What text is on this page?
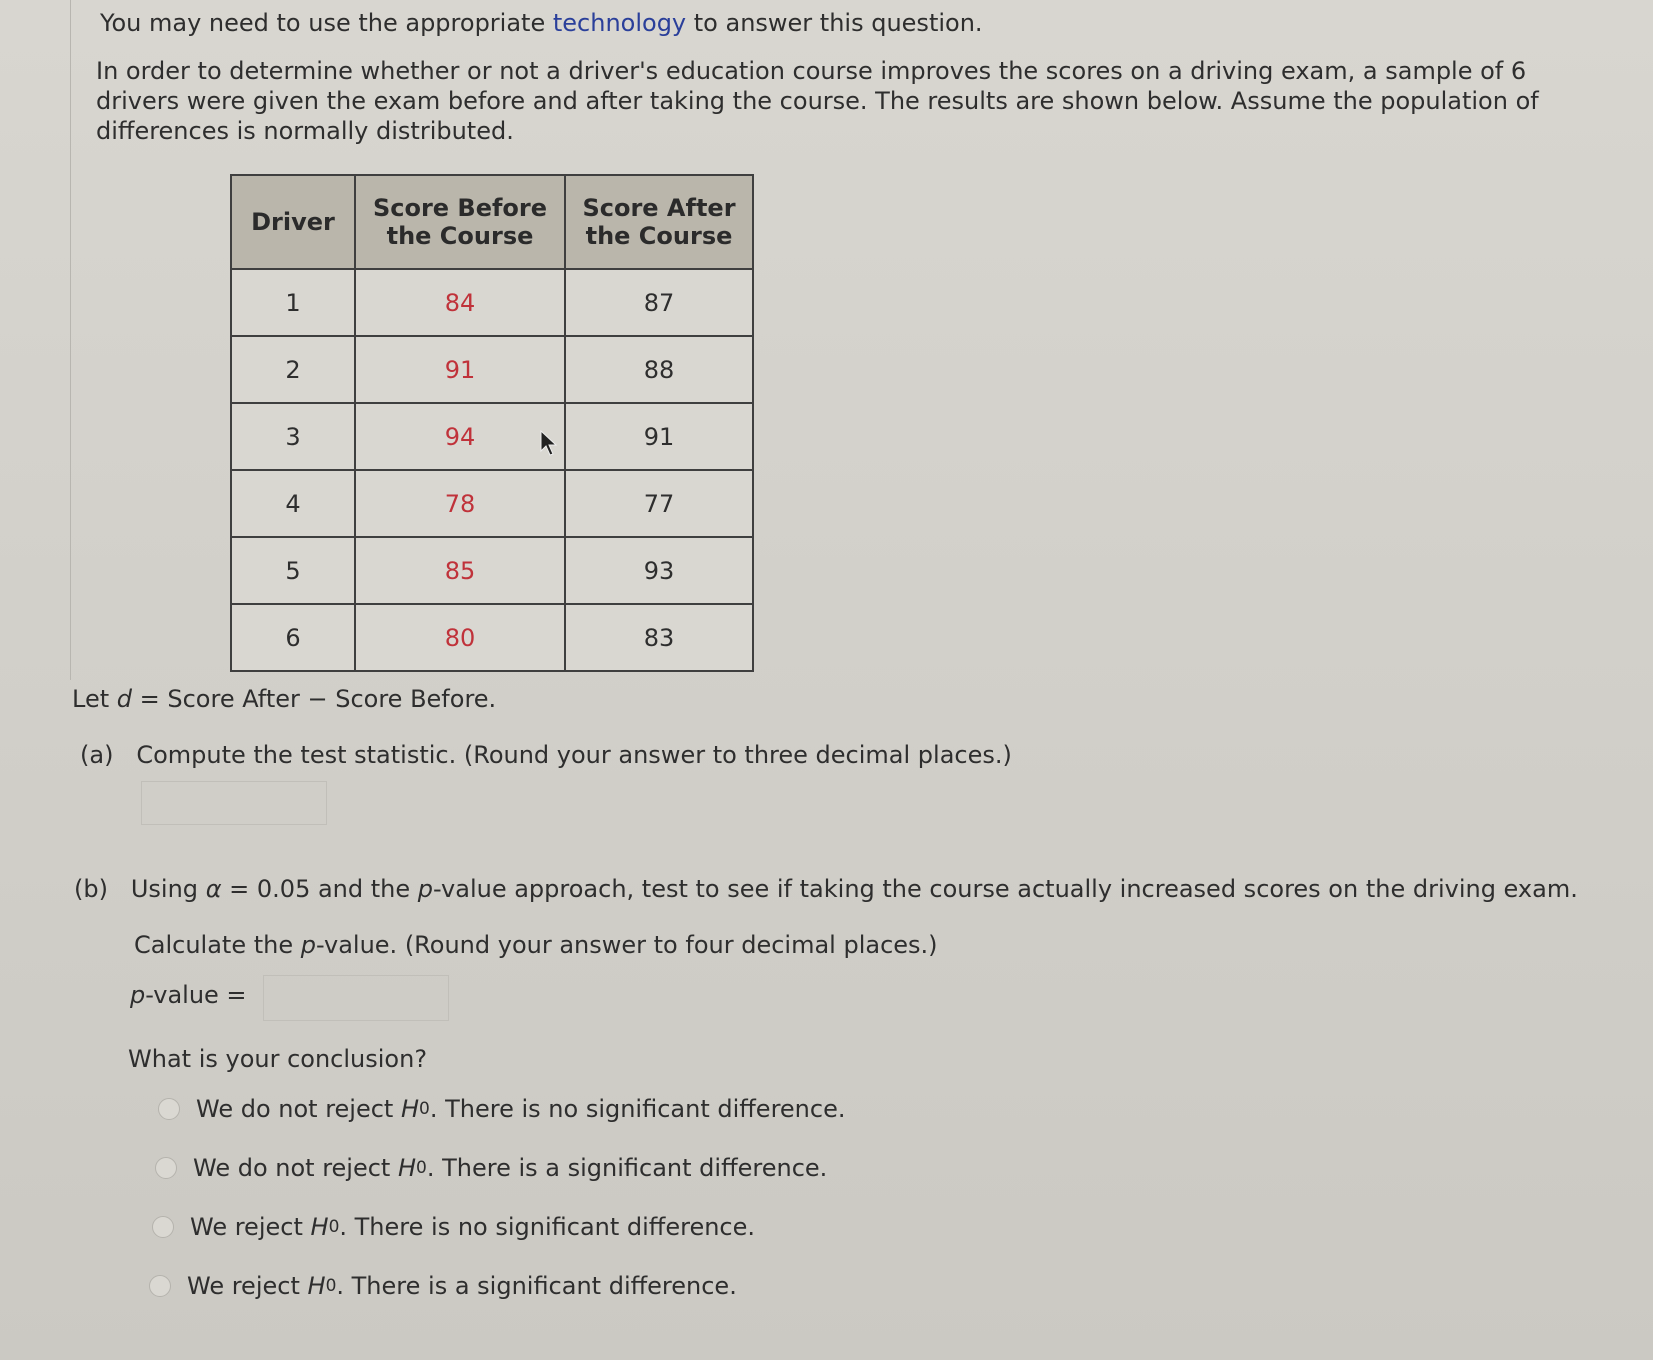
You may need to use the appropriate technology to answer this question.
In order to determine whether or not a driver's education course improves the scores on a driving exam, a sample of 6 drivers were given the exam before and after taking the course. The results are shown below. Assume the population of differences is normally distributed.
Driver	Score Before the Course	Score After the Course
1	84	87
2	91	88
3	94	91
4	78	77
5	85	93
6	80	83
Let d = Score After − Score Before.
(a) Compute the test statistic. (Round your answer to three decimal places.)
(b) Using α = 0.05 and the p-value approach, test to see if taking the course actually increased scores on the driving exam.
Calculate the p-value. (Round your answer to four decimal places.)
p-value =
What is your conclusion?
We do not reject
H 0 . There is no significant difference.
We do not reject
H 0 . There is a significant difference.
We reject
H 0 . There is no significant difference.
We reject
H 0 . There is a significant difference.
